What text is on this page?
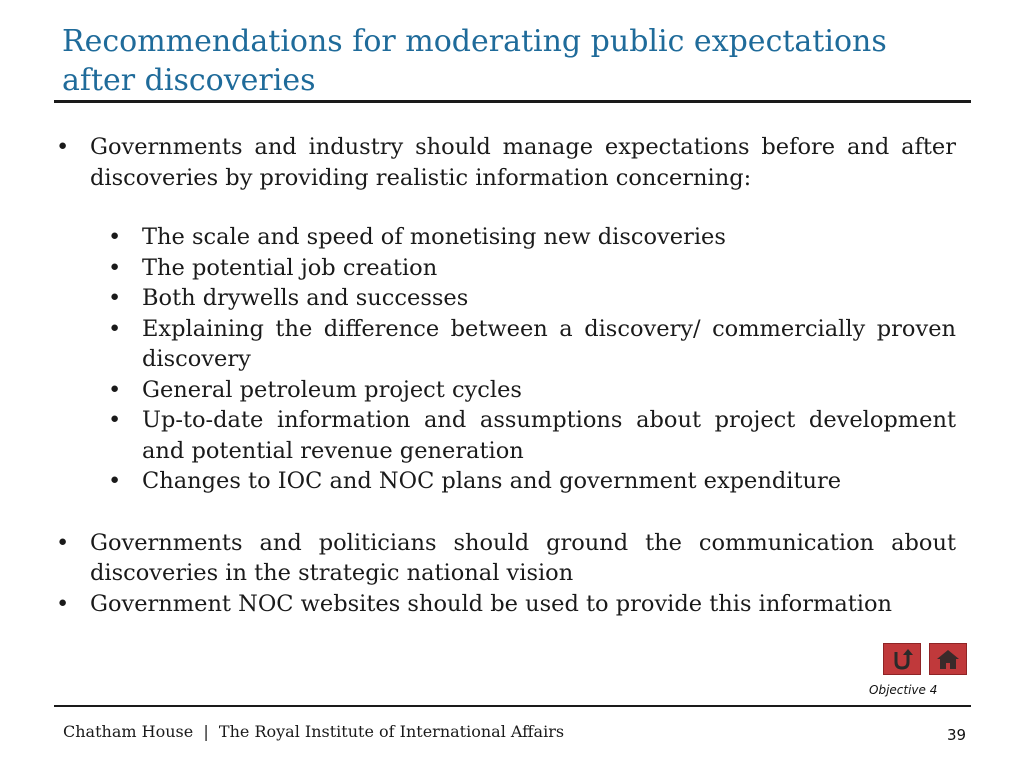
Recommendations for moderating public expectations after discoveries
• Governments and industry should manage expectations before and after discoveries by providing realistic information concerning:
• The scale and speed of monetising new discoveries
• The potential job creation
• Both drywells and successes
• Explaining the difference between a discovery/ commercially proven discovery
• General petroleum project cycles
• Up-to-date information and assumptions about project development and potential revenue generation
• Changes to IOC and NOC plans and government expenditure
• Governments and politicians should ground the communication about discoveries in the strategic national vision
• Government NOC websites should be used to provide this information
Objective 4
Chatham House  |  The Royal Institute of International Affairs	39
